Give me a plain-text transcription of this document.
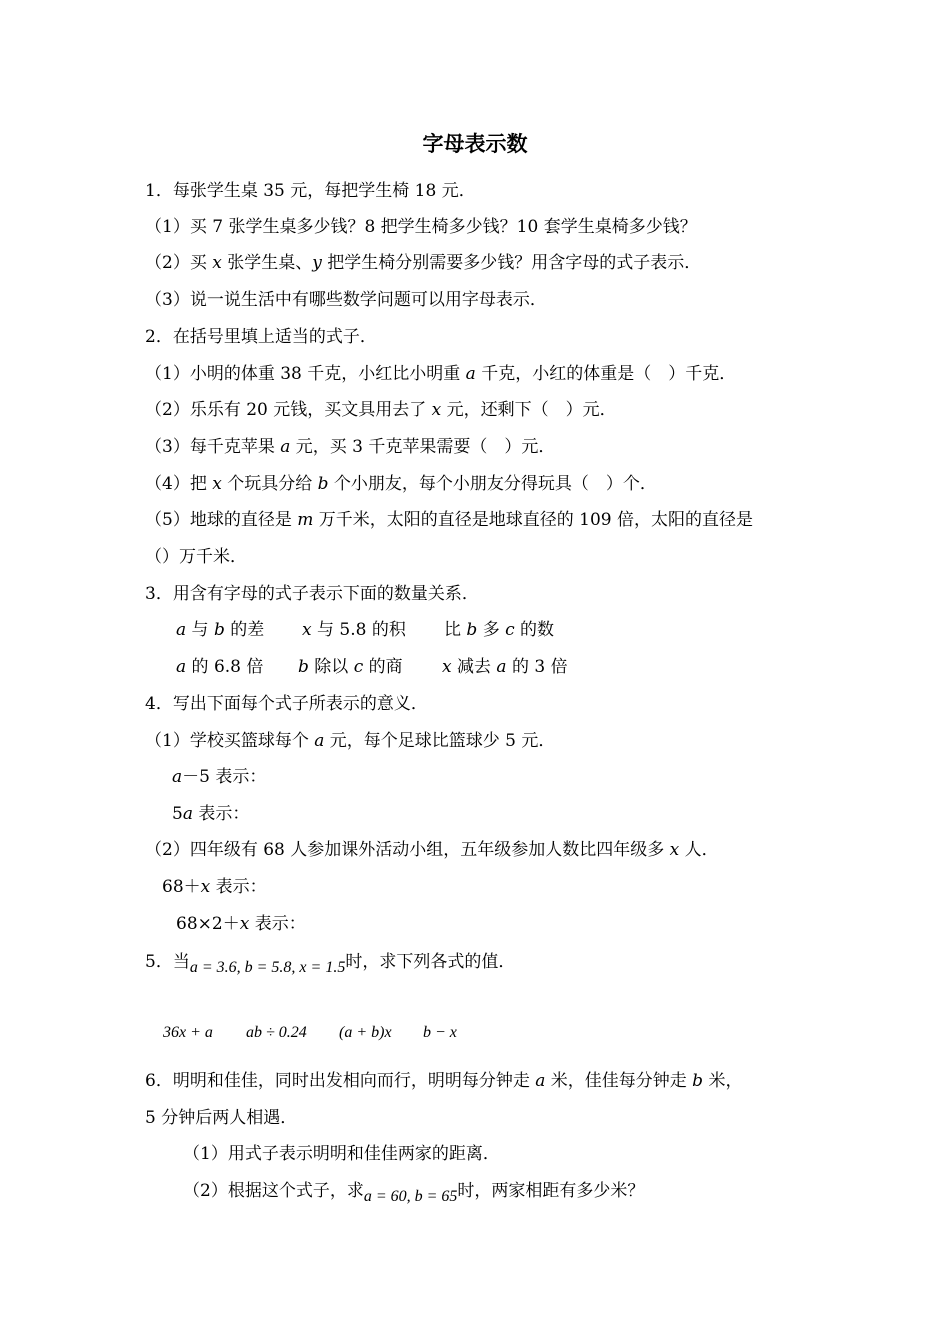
字母表示数
1．每张学生桌 35 元，每把学生椅 18 元．
（1）买 7 张学生桌多少钱？8 把学生椅多少钱？10 套学生桌椅多少钱？
（2）买 x 张学生桌、y 把学生椅分别需要多少钱？用含字母的式子表示．
（3）说一说生活中有哪些数学问题可以用字母表示．
2．在括号里填上适当的式子．
（1）小明的体重 38 千克，小红比小明重 a 千克，小红的体重是（　）千克．
（2）乐乐有 20 元钱，买文具用去了 x 元，还剩下（　）元．
（3）每千克苹果 a 元，买 3 千克苹果需要（　）元．
（4）把 x 个玩具分给 b 个小朋友，每个小朋友分得玩具（　）个．
（5）地球的直径是 m 万千米，太阳的直径是地球直径的 109 倍，太阳的直径是
（）万千米．
3．用含有字母的式子表示下面的数量关系．
a 与 b 的差 x 与 5.8 的积 比 b 多 c 的数
a 的 6.8 倍 b 除以 c 的商 x 减去 a 的 3 倍
4．写出下面每个式子所表示的意义．
（1）学校买篮球每个 a 元，每个足球比篮球少 5 元．
a－5 表示：
5a 表示：
（2）四年级有 68 人参加课外活动小组，五年级参加人数比四年级多 x 人．
68＋x 表示：
68×2＋x 表示：
5．当a = 3.6, b = 5.8, x = 1.5时，求下列各式的值．
36x + a ab ÷ 0.24 (a + b)x b − x
6．明明和佳佳，同时出发相向而行，明明每分钟走 a 米，佳佳每分钟走 b 米，
5 分钟后两人相遇．
（1）用式子表示明明和佳佳两家的距离．
（2）根据这个式子，求a = 60, b = 65时，两家相距有多少米？
